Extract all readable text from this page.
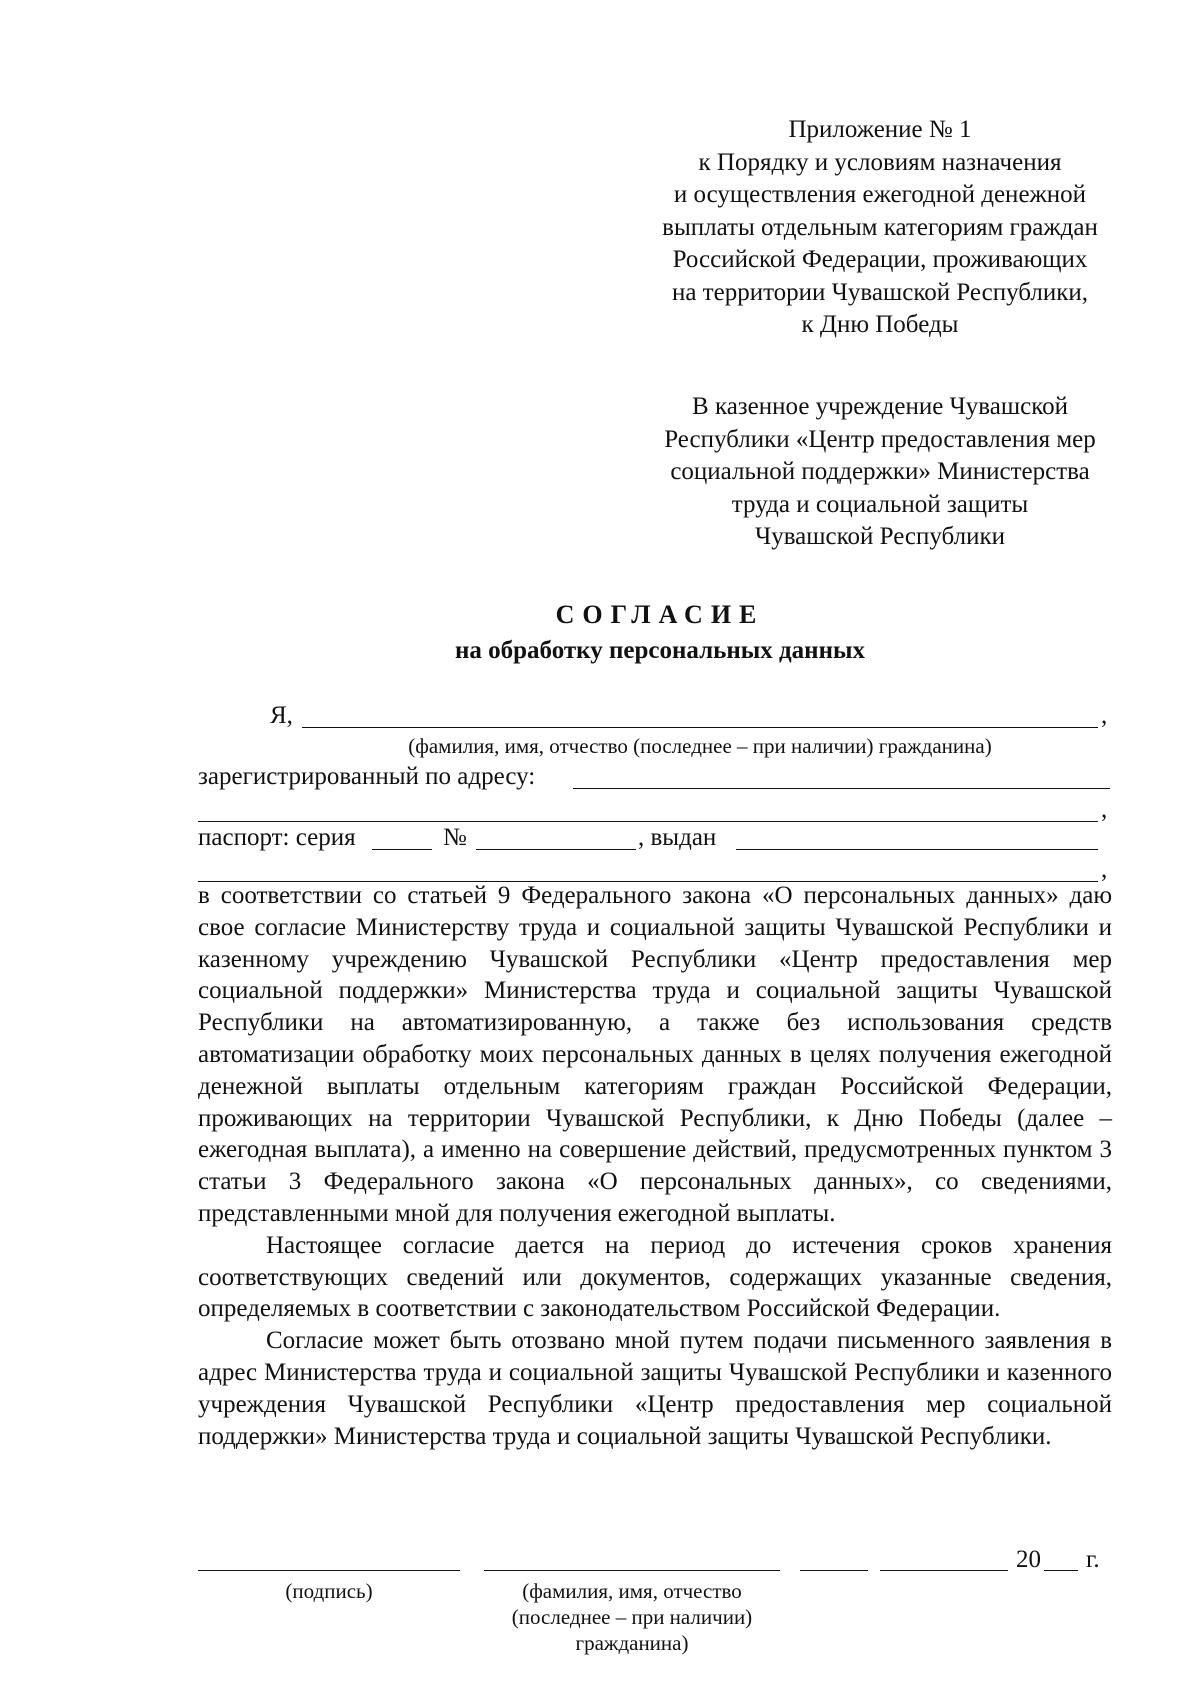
Приложение № 1
к Порядку и условиям назначения
и осуществления ежегодной денежной
выплаты отдельным категориям граждан
Российской Федерации, проживающих
на территории Чувашской Республики,
к Дню Победы
В казенное учреждение Чувашской
Республики «Центр предоставления мер
социальной поддержки» Министерства
труда и социальной защиты
Чувашской Республики
СОГЛАСИЕ
на обработку персональных данных
Я,	,
(фамилия, имя, отчество (последнее – при наличии) гражданина)
зарегистрированный по адресу:
,
паспорт: серия	№	, выдан
,

в соответствии со статьей 9 Федерального закона «О персональных данных» даю свое согласие Министерству труда и социальной защиты Чувашской Республики и казенному учреждению Чувашской Республики «Центр предоставления мер социальной поддержки» Министерства труда и социальной защиты Чувашской Республики на автоматизированную, а также без использования средств автоматизации обработку моих персональных данных в целях получения ежегодной денежной выплаты отдельным категориям граждан Российской Федерации, проживающих на территории Чувашской Республики, к Дню Победы (далее – ежегодная выплата), а именно на совершение действий, предусмотренных пунктом 3 статьи 3 Федерального закона «О персональных данных», со сведениями, представленными мной для получения ежегодной выплаты.

Настоящее согласие дается на период до истечения сроков хранения соответствующих сведений или документов, содержащих указанные сведения, определяемых в соответствии с законодательством Российской Федерации.

Согласие может быть отозвано мной путем подачи письменного заявления в адрес Министерства труда и социальной защиты Чувашской Республики и казенного учреждения Чувашской Республики «Центр предоставления мер социальной поддержки» Министерства труда и социальной защиты Чувашской Республики.

20 г.
(подпись)	(фамилия, имя, отчество
(последнее – при наличии)
гражданина)
